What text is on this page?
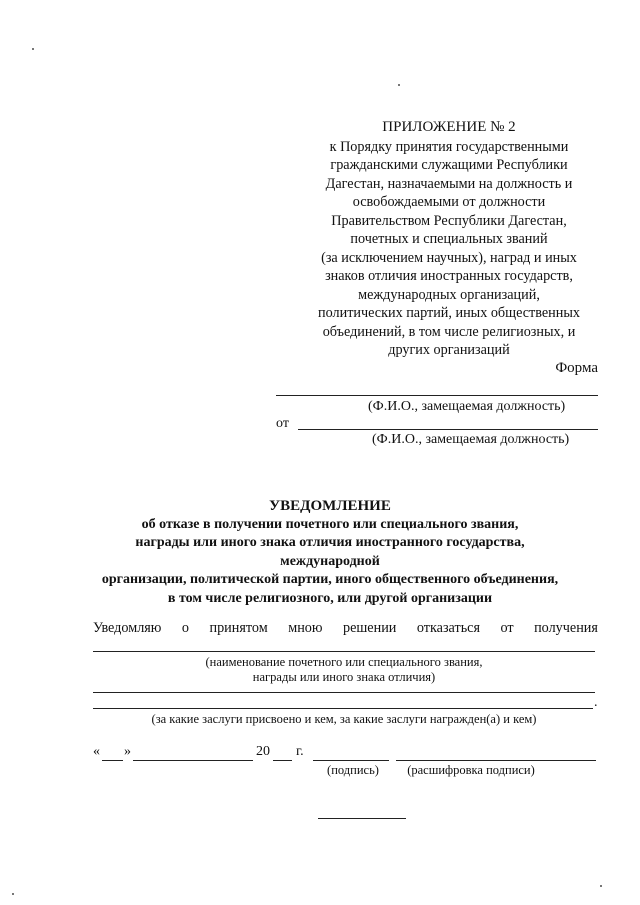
ПРИЛОЖЕНИЕ № 2
к Порядку принятия государственными
гражданскими служащими Республики
Дагестан, назначаемыми на должность и
освобождаемыми от должности
Правительством Республики Дагестан,
почетных и специальных званий
(за исключением научных), наград и иных
знаков отличия иностранных государств,
международных организаций,
политических партий, иных общественных
объединений, в том числе религиозных, и
других организаций
Форма
(Ф.И.О., замещаемая должность)
от
(Ф.И.О., замещаемая должность)
УВЕДОМЛЕНИЕ
об отказе в получении почетного или специального звания,
награды или иного знака отличия иностранного государства,
международной
организации, политической партии, иного общественного объединения,
в том числе религиозного, или другой организации
Уведомляю о принятом мною решении отказаться от получения
(наименование почетного или специального звания,
награды или иного знака отличия)
.
(за какие заслуги присвоено и кем, за какие заслуги награжден(а) и кем)
« »	20 г.
(подпись)	(расшифровка подписи)
